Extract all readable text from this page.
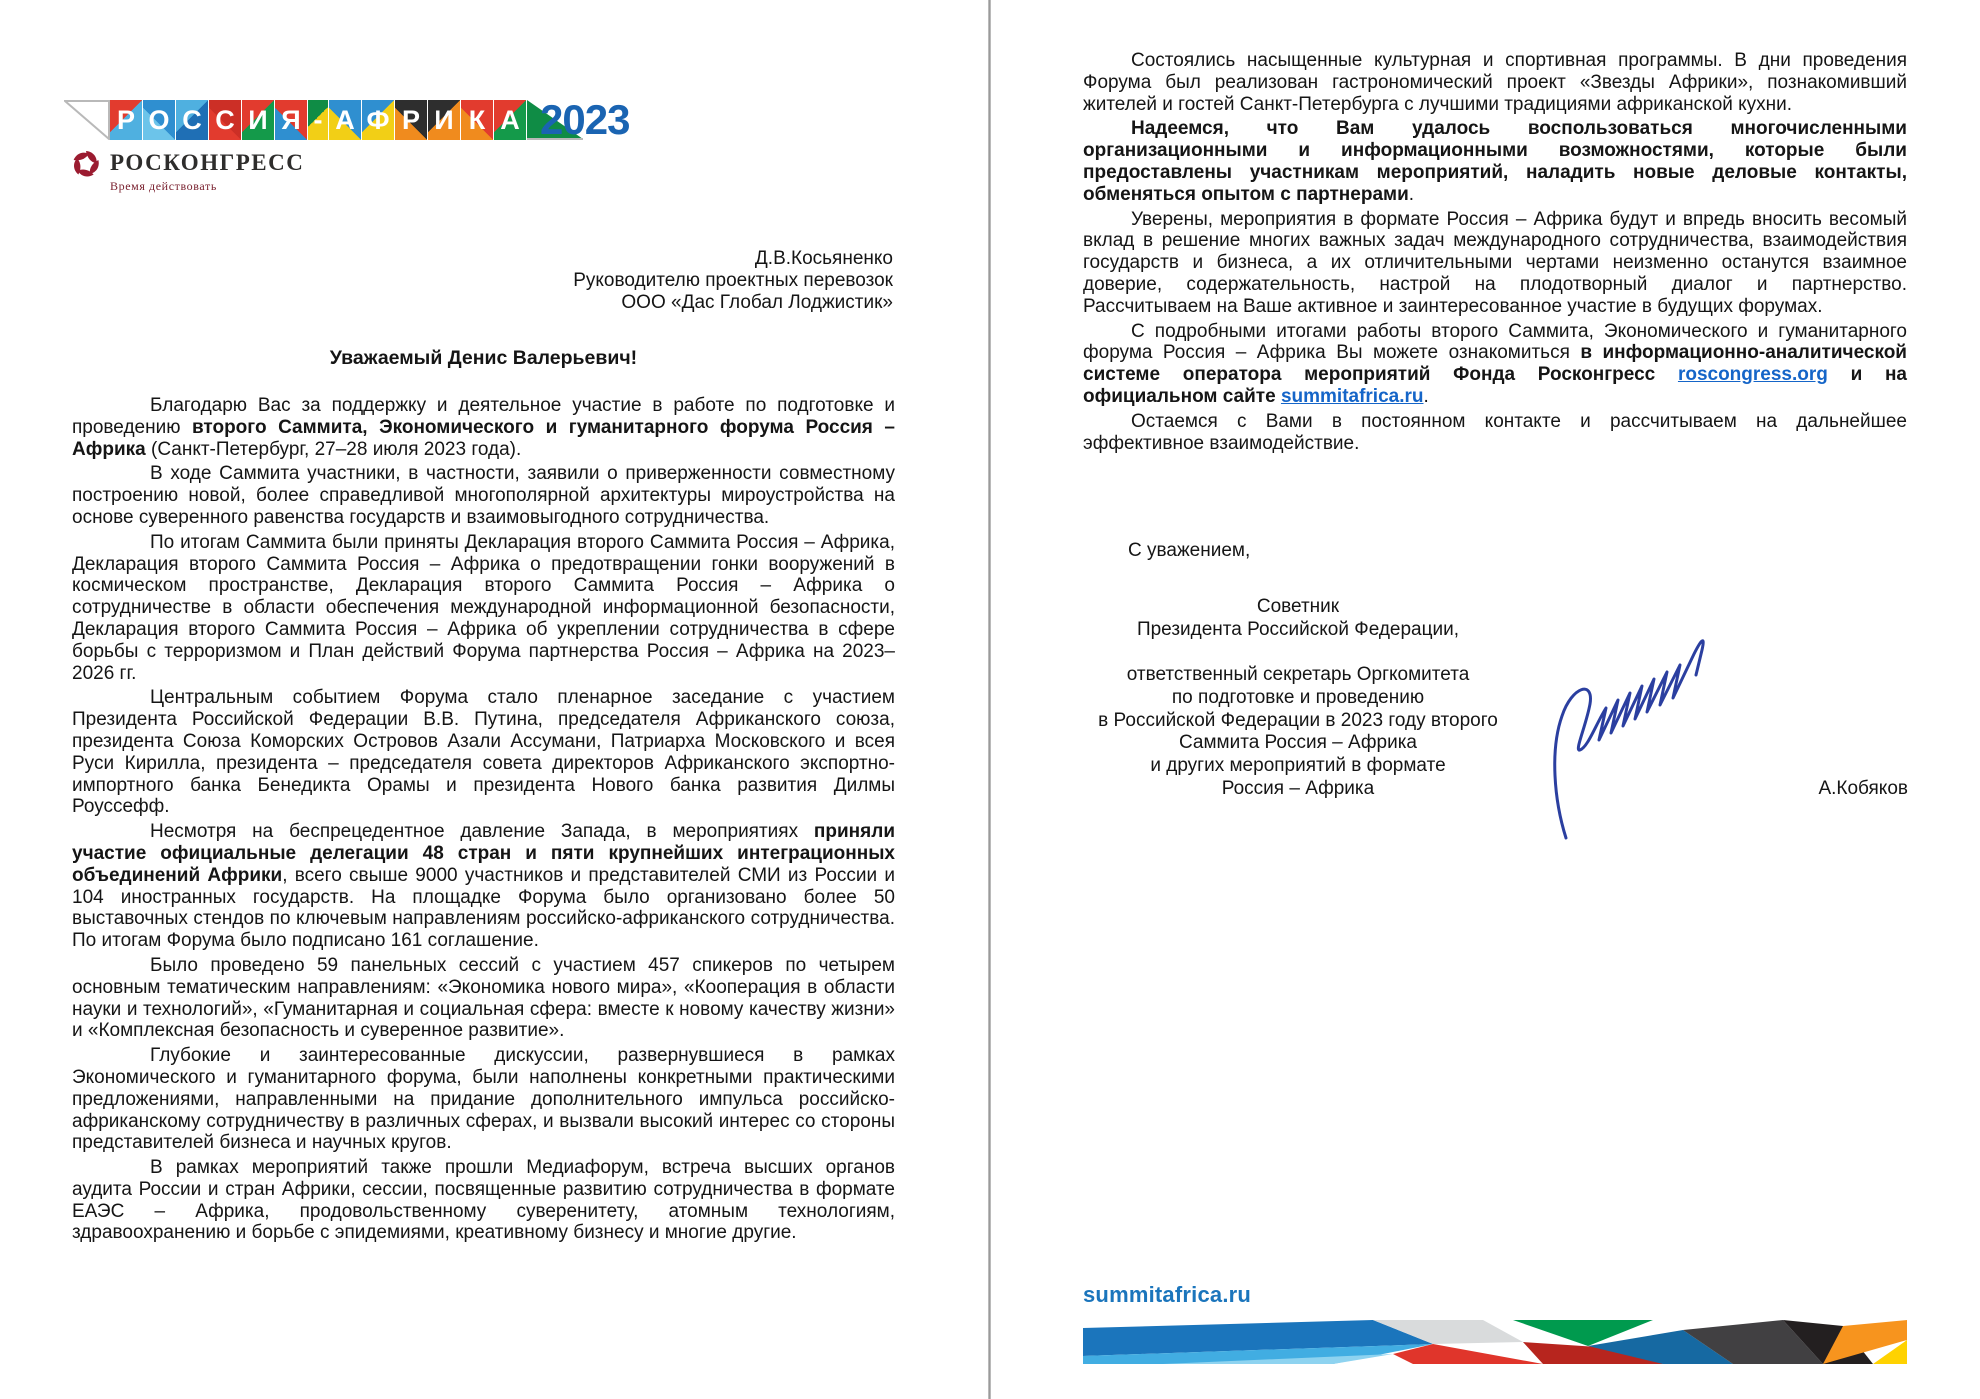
Р О С С И Я - А Ф Р И К А 2023
РОСКОНГРЕСС
Время действовать
Д.В.Косьяненко
Руководителю проектных перевозок
ООО «Дас Глобал Лоджистик»
Уважаемый Денис Валерьевич!

Благодарю Вас за поддержку и деятельное участие в работе по подготовке и проведению второго Саммита, Экономического и гуманитарного форума Россия – Африка (Санкт-Петербург, 27–28 июля 2023 года).

В ходе Саммита участники, в частности, заявили о приверженности совместному построению новой, более справедливой многополярной архитектуры мироустройства на основе суверенного равенства государств и взаимовыгодного сотрудничества.

По итогам Саммита были приняты Декларация второго Саммита Россия – Африка, Декларация второго Саммита Россия – Африка о предотвращении гонки вооружений в космическом пространстве, Декларация второго Саммита Россия – Африка о сотрудничестве в области обеспечения международной информационной безопасности, Декларация второго Саммита Россия – Африка об укреплении сотрудничества в сфере борьбы с терроризмом и План действий Форума партнерства Россия – Африка на 2023–2026 гг.

Центральным событием Форума стало пленарное заседание с участием Президента Российской Федерации В.В. Путина, председателя Африканского союза, президента Союза Коморских Островов Азали Ассумани, Патриарха Московского и всея Руси Кирилла, президента – председателя совета директоров Африканского экспортно-импортного банка Бенедикта Орамы и президента Нового банка развития Дилмы Роуссефф.

Несмотря на беспрецедентное давление Запада, в мероприятиях приняли участие официальные делегации 48 стран и пяти крупнейших интеграционных объединений Африки, всего свыше 9000 участников и представителей СМИ из России и 104 иностранных государств. На площадке Форума было организовано более 50 выставочных стендов по ключевым направлениям российско-африканского сотрудничества. По итогам Форума было подписано 161 соглашение.

Было проведено 59 панельных сессий с участием 457 спикеров по четырем основным тематическим направлениям: «Экономика нового мира», «Кооперация в области науки и технологий», «Гуманитарная и социальная сфера: вместе к новому качеству жизни» и «Комплексная безопасность и суверенное развитие».

Глубокие и заинтересованные дискуссии, развернувшиеся в рамках Экономического и гуманитарного форума, были наполнены конкретными практическими предложениями, направленными на придание дополнительного импульса российско-африканскому сотрудничеству в различных сферах, и вызвали высокий интерес со стороны представителей бизнеса и научных кругов.

В рамках мероприятий также прошли Медиафорум, встреча высших органов аудита России и стран Африки, сессии, посвященные развитию сотрудничества в формате ЕАЭС – Африка, продовольственному суверенитету, атомным технологиям, здравоохранению и борьбе с эпидемиями, креативному бизнесу и многие другие.

Состоялись насыщенные культурная и спортивная программы. В дни проведения Форума был реализован гастрономический проект «Звезды Африки», познакомивший жителей и гостей Санкт-Петербурга с лучшими традициями африканской кухни.

Надеемся, что Вам удалось воспользоваться многочисленными организационными и информационными возможностями, которые были предоставлены участникам мероприятий, наладить новые деловые контакты, обменяться опытом с партнерами.

Уверены, мероприятия в формате Россия – Африка будут и впредь вносить весомый вклад в решение многих важных задач международного сотрудничества, взаимодействия государств и бизнеса, а их отличительными чертами неизменно останутся взаимное доверие, содержательность, настрой на плодотворный диалог и партнерство. Рассчитываем на Ваше активное и заинтересованное участие в будущих форумах.

С подробными итогами работы второго Саммита, Экономического и гуманитарного форума Россия – Африка Вы можете ознакомиться в информационно-аналитической системе оператора мероприятий Фонда Росконгресс roscongress.org и на официальном сайте summitafrica.ru.

Остаемся с Вами в постоянном контакте и рассчитываем на дальнейшее эффективное взаимодействие.

С уважением,
Советник
Президента Российской Федерации,

ответственный секретарь Оргкомитета
по подготовке и проведению
в Российской Федерации в 2023 году второго
Саммита Россия – Африка
и других мероприятий в формате
Россия – Африка	А.Кобяков
summitafrica.ru
